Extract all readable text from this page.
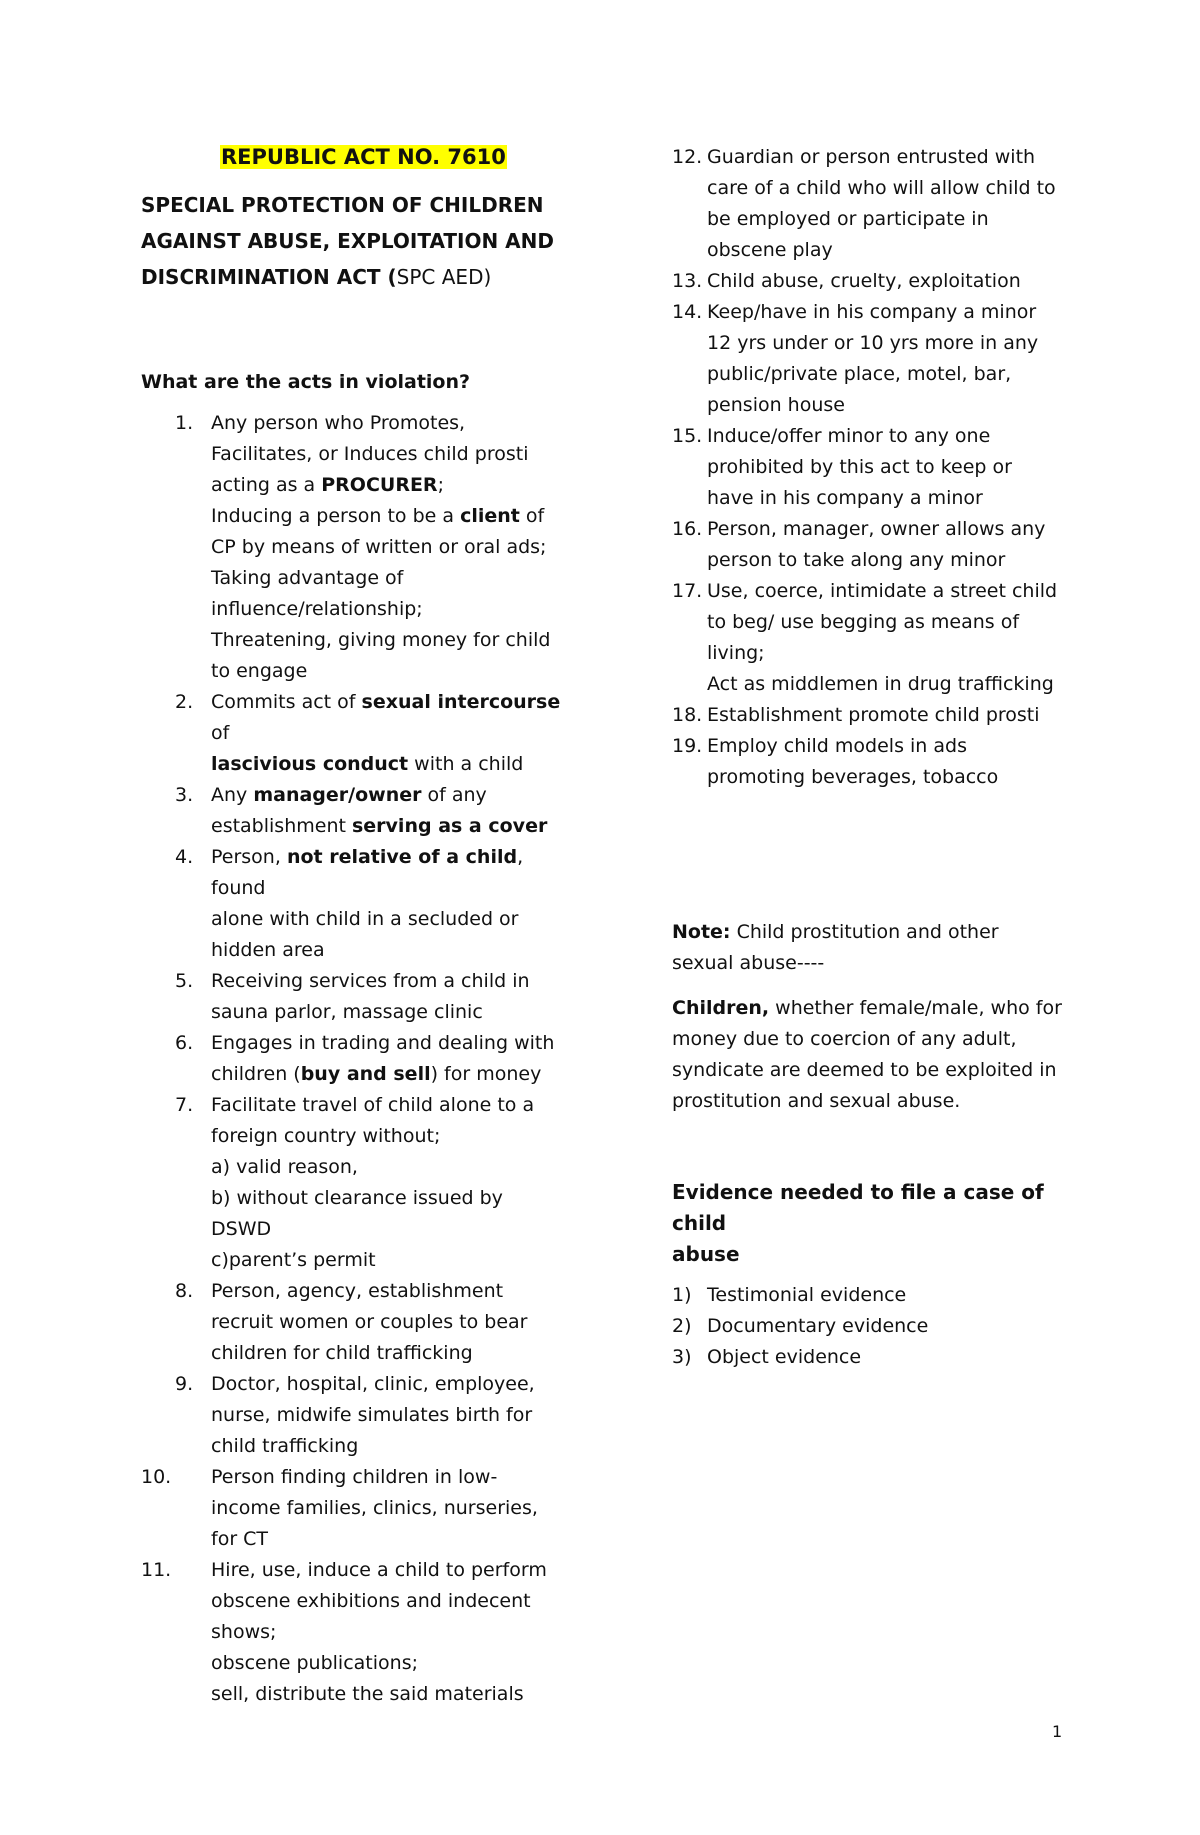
REPUBLIC ACT NO. 7610
SPECIAL PROTECTION OF CHILDREN
AGAINST ABUSE, EXPLOITATION AND
DISCRIMINATION ACT (SPC AED)
What are the acts in violation?
1. Any person who Promotes,
Facilitates, or Induces child prosti
acting as a PROCURER;
Inducing a person to be a client of
CP by means of written or oral ads;
Taking advantage of
influence/relationship;
Threatening, giving money for child
to engage
2. Commits act of sexual intercourse of
lascivious conduct with a child
3. Any manager/owner of any
establishment serving as a cover
4. Person, not relative of a child, found
alone with child in a secluded or
hidden area
5. Receiving services from a child in
sauna parlor, massage clinic
6. Engages in trading and dealing with
children (buy and sell) for money
7. Facilitate travel of child alone to a
foreign country without;
a) valid reason,
b) without clearance issued by
DSWD
c)parent’s permit
8. Person, agency, establishment
recruit women or couples to bear
children for child trafficking
9. Doctor, hospital, clinic, employee,
nurse, midwife simulates birth for
child trafficking
10. Person finding children in low-
income families, clinics, nurseries,
for CT
11. Hire, use, induce a child to perform
obscene exhibitions and indecent
shows;
obscene publications;
sell, distribute the said materials
12. Guardian or person entrusted with
care of a child who will allow child to
be employed or participate in
obscene play
13. Child abuse, cruelty, exploitation
14. Keep/have in his company a minor
12 yrs under or 10 yrs more in any
public/private place, motel, bar,
pension house
15. Induce/offer minor to any one
prohibited by this act to keep or
have in his company a minor
16. Person, manager, owner allows any
person to take along any minor
17. Use, coerce, intimidate a street child
to beg/ use begging as means of
living;
Act as middlemen in drug trafficking
18. Establishment promote child prosti
19. Employ child models in ads
promoting beverages, tobacco
Note: Child prostitution and other
sexual abuse----
Children, whether female/male, who for
money due to coercion of any adult,
syndicate are deemed to be exploited in
prostitution and sexual abuse.
Evidence needed to file a case of child
abuse
1) Testimonial evidence
2) Documentary evidence
3) Object evidence
1
